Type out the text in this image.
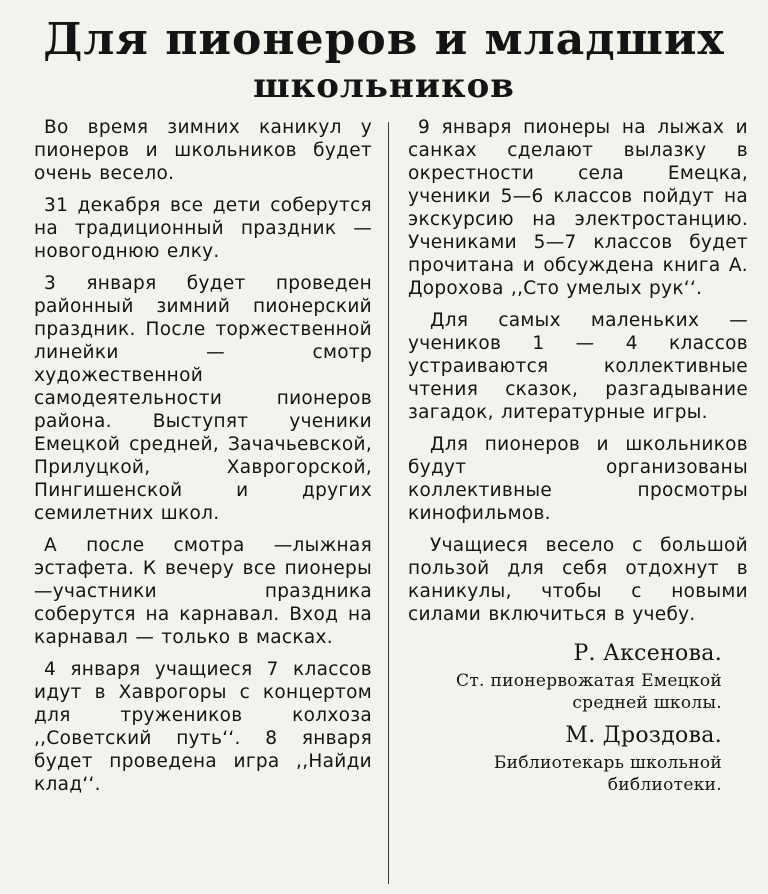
Для пионеров и младших
школьников

Во время зимних каникул у пионеров и школьников будет очень весело.

31 декабря все дети соберутся на традиционный праздник — новогоднюю елку.

3 января будет проведен районный зимний пионерский праздник. После торжественной линейки — смотр художественной самодеятельности пионеров района. Выступят ученики Емецкой средней, Зачачьевской, Прилуцкой, Хаврогорской, Пингишенской и других семилетних школ.

А после смотра —лыжная эстафета. К вечеру все пионеры—участники праздника соберутся на карнавал. Вход на карнавал — только в масках.

4 января учащиеся 7 классов идут в Хаврогоры с концертом для тружеников колхоза ,,Советский путь‘‘. 8 января будет проведена игра ,,Найди клад‘‘.

9 января пионеры на лыжах и санках сделают вылазку в окрестности села Емецка, ученики 5—6 классов пойдут на экскурсию на электростанцию. Учениками 5—7 классов будет прочитана и обсуждена книга А. Дорохова ,,Сто умелых рук‘‘.

Для самых маленьких — учеников 1 — 4 классов устраиваются коллективные чтения сказок, разгадывание загадок, литературные игры.

Для пионеров и школьников будут организованы коллективные просмотры кинофильмов.

Учащиеся весело с большой пользой для себя отдохнут в каникулы, чтобы с новыми силами включиться в учебу.

Р. Аксенова.
Ст. пионервожатая Емецкой
средней школы.
М. Дроздова.
Библиотекарь школьной
библиотеки.
